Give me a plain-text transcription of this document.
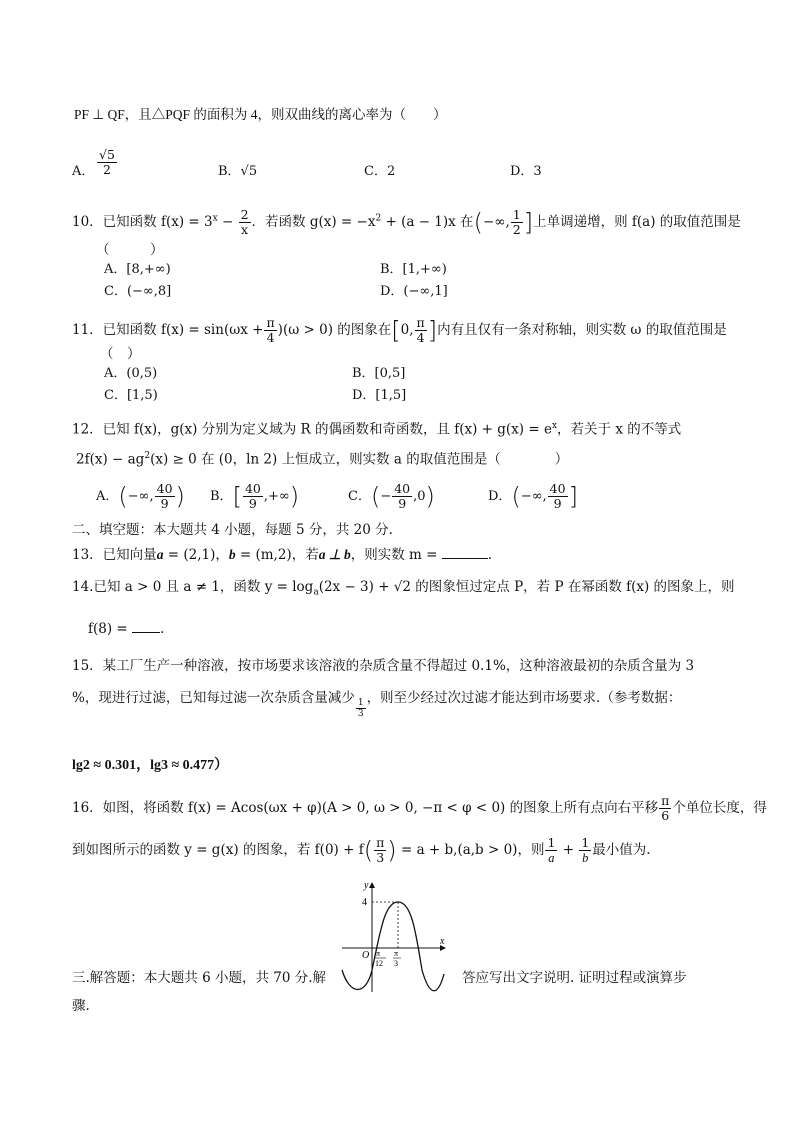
PF ⊥ QF，且△PQF 的面积为 4，则双曲线的离心率为（　　）
A． $\frac{√5}{2}$	B．√5	C．2	D．3
10．已知函数 $f(x) = 3^x - \frac{2}{x}$ ．若函数 $g(x) = -x^2 + (a - 1)x$ 在(−∞, $\frac{1}{2}$ ]上单调递增，则 f(a) 的取值范围是
（　　　）
A．[8,+∞)	B．[1,+∞)
C．(−∞,8]	D．(−∞,1]
11．已知函数 $f(x) = \sin(\omega x + \frac{\pi}{4} )(\omega > 0)$ 的图象在[0, $\frac{\pi}{4}$ ]内有且仅有一条对称轴，则实数 ω 的取值范围是
（　）
A．(0,5)	B．[0,5]
C．[1,5)	D．[1,5]
12．已知 f(x)，g(x) 分别为定义域为 R 的偶函数和奇函数，且 $f(x) + g(x) = e^x$，若关于 x 的不等式
$2f(x) - ag^2(x) \ge 0$ 在 (0，ln 2) 上恒成立，则实数 a 的取值范围是（　　　　）
A．(−∞, $\frac{40}{9}$ ) B．[ $\frac{40}{9}$ ,+∞)	C．(− $\frac{40}{9} ,0$)	D．(−∞, $\frac{40}{9}$ ]
二、填空题：本大题共 4 小题，每题 5 分，共 20 分.
13．已知向量a = (2,1)，b = (m,2)，若a ⊥ b，则实数 m =	.
14.已知 a > 0 且 a ≠ 1，函数 $y = \log_a(2x - 3) + √2$ 的图象恒过定点 P，若 P 在幂函数 f(x) 的图象上，则
f(8) = .
15．某工厂生产一种溶液，按市场要求该溶液的杂质含量不得超过 0.1%，这种溶液最初的杂质含量为 3
%，现进行过滤，已知每过滤一次杂质含量减少 $\frac{1}{3}$ ，则至少经过次过滤才能达到市场要求.（参考数据：
lg2 ≈ 0.301，lg3 ≈ 0.477）
16．如图，将函数 f(x) = Acos(ωx + φ)(A > 0, ω > 0, −π < φ < 0) 的图象上所有点向右平移 $\frac{\pi}{6}$ 个单位长度，得
到如图所示的函数 y = g(x) 的图象，若 $f(0) + f( \frac{\pi}{3}$ ) = a + b,(a,b > 0)，则 $\frac{1}{a} + \frac{1}{b}$ 最小值为.
y
x
O
4
π
12
π
3
三.解答题：本大题共 6 小题，共 70 分.解	答应写出文字说明. 证明过程或演算步
骤.
